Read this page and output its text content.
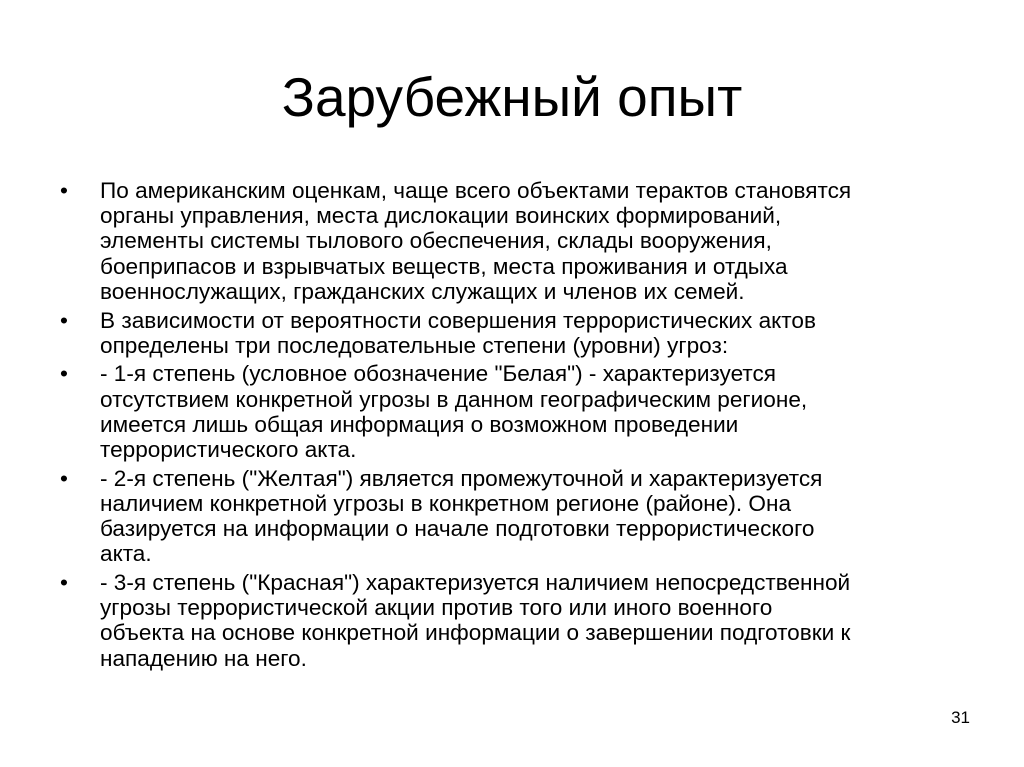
Зарубежный опыт
•	По американским оценкам, чаще всего объектами терактов становятся
органы управления, места дислокации воинских формирований,
элементы системы тылового обеспечения, склады вооружения,
боеприпасов и взрывчатых веществ, места проживания и отдыха
военнослужащих, гражданских служащих и членов их семей.
•	В зависимости от вероятности совершения террористических актов
определены три последовательные степени (уровни) угроз:
•	- 1-я степень (условное обозначение "Белая") - характеризуется
отсутствием конкретной угрозы в данном географическим регионе,
имеется лишь общая информация о возможном проведении
террористического акта.
•	- 2-я степень ("Желтая") является промежуточной и характеризуется
наличием конкретной угрозы в конкретном регионе (районе). Она
базируется на информации о начале подготовки террористического
акта.
•	- 3-я степень ("Красная") характеризуется наличием непосредственной
угрозы террористической акции против того или иного военного
объекта на основе конкретной информации о завершении подготовки к
нападению на него.
31
